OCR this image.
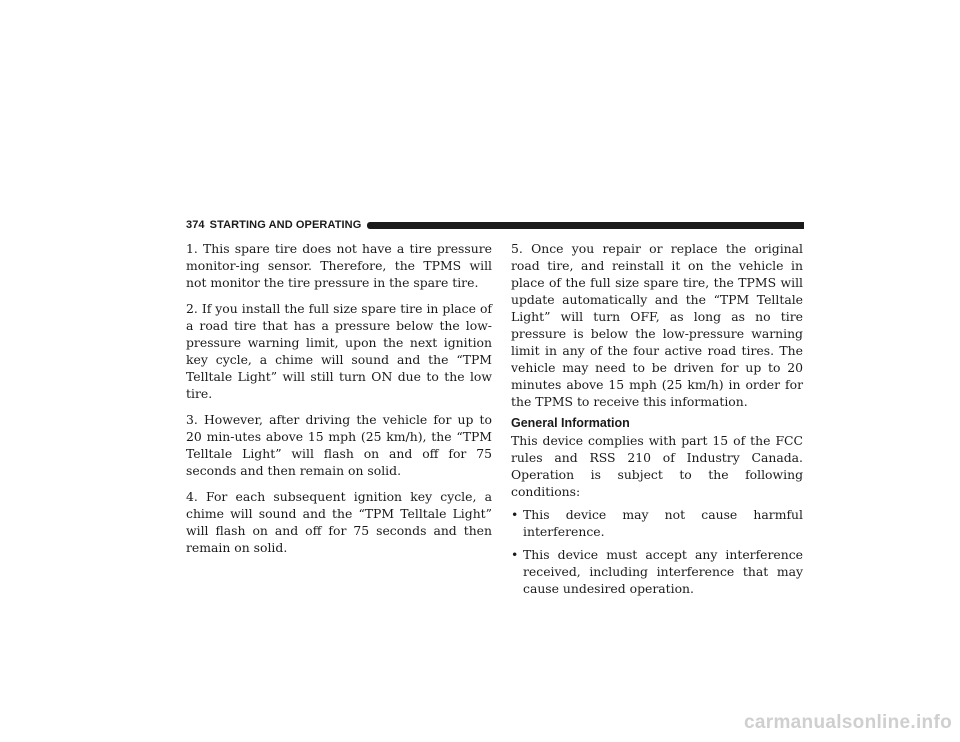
374 STARTING AND OPERATING

1. This spare tire does not have a tire pressure monitor-ing sensor. Therefore, the TPMS will not monitor the tire pressure in the spare tire.

2. If you install the full size spare tire in place of a road tire that has a pressure below the low-pressure warning limit, upon the next ignition key cycle, a chime will sound and the “TPM Telltale Light” will still turn ON due to the low tire.

3. However, after driving the vehicle for up to 20 min-utes above 15 mph (25 km/h), the “TPM Telltale Light” will flash on and off for 75 seconds and then remain on solid.

4. For each subsequent ignition key cycle, a chime will sound and the “TPM Telltale Light” will flash on and off for 75 seconds and then remain on solid.

5. Once you repair or replace the original road tire, and reinstall it on the vehicle in place of the full size spare tire, the TPMS will update automatically and the “TPM Telltale Light” will turn OFF, as long as no tire pressure is below the low-pressure warning limit in any of the four active road tires. The vehicle may need to be driven for up to 20 minutes above 15 mph (25 km/h) in order for the TPMS to receive this information.

General Information

This device complies with part 15 of the FCC rules and RSS 210 of Industry Canada. Operation is subject to the following conditions:

• This device may not cause harmful interference.
• This device must accept any interference received, including interference that may cause undesired operation.
carmanualsonline.info
